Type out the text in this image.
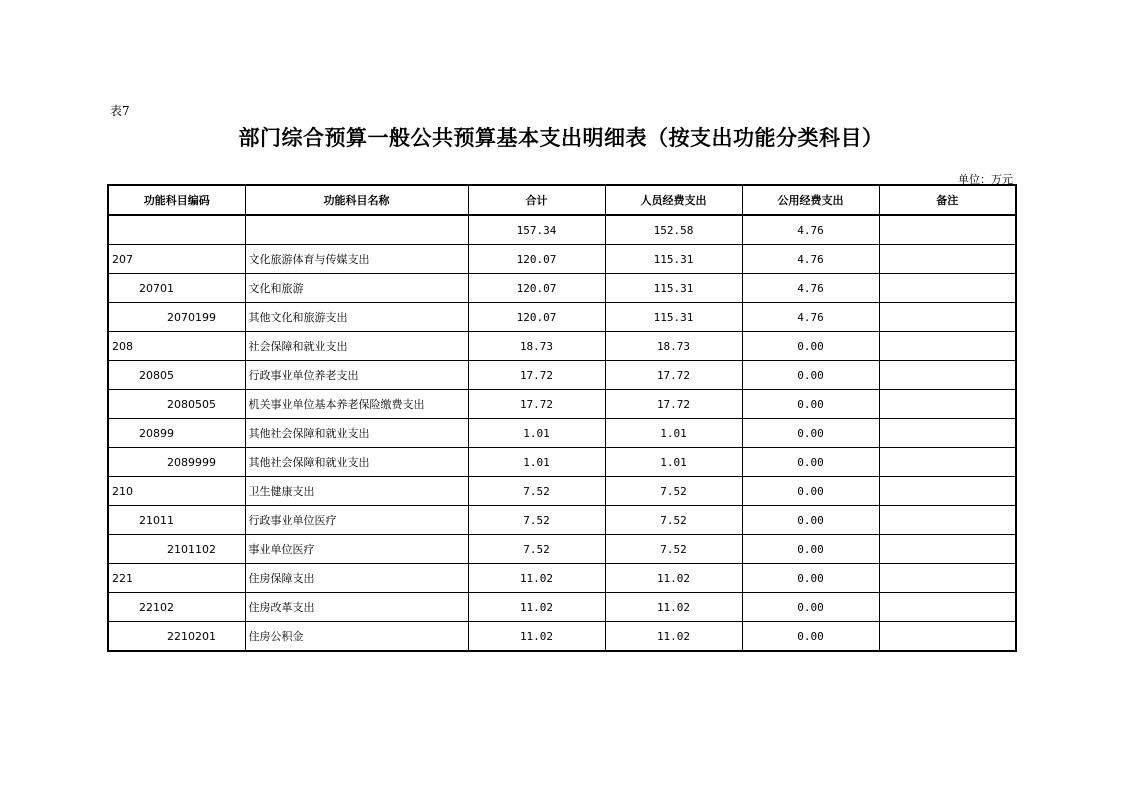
表7
部门综合预算一般公共预算基本支出明细表（按支出功能分类科目）
单位：万元
功能科目编码	功能科目名称	合计	人员经费支出	公用经费支出	备注
		157.34	152.58	4.76	
207	文化旅游体育与传媒支出	120.07	115.31	4.76	
20701	文化和旅游	120.07	115.31	4.76	
2070199	其他文化和旅游支出	120.07	115.31	4.76	
208	社会保障和就业支出	18.73	18.73	0.00	
20805	行政事业单位养老支出	17.72	17.72	0.00	
2080505	机关事业单位基本养老保险缴费支出	17.72	17.72	0.00	
20899	其他社会保障和就业支出	1.01	1.01	0.00	
2089999	其他社会保障和就业支出	1.01	1.01	0.00	
210	卫生健康支出	7.52	7.52	0.00	
21011	行政事业单位医疗	7.52	7.52	0.00	
2101102	事业单位医疗	7.52	7.52	0.00	
221	住房保障支出	11.02	11.02	0.00	
22102	住房改革支出	11.02	11.02	0.00	
2210201	住房公积金	11.02	11.02	0.00	
